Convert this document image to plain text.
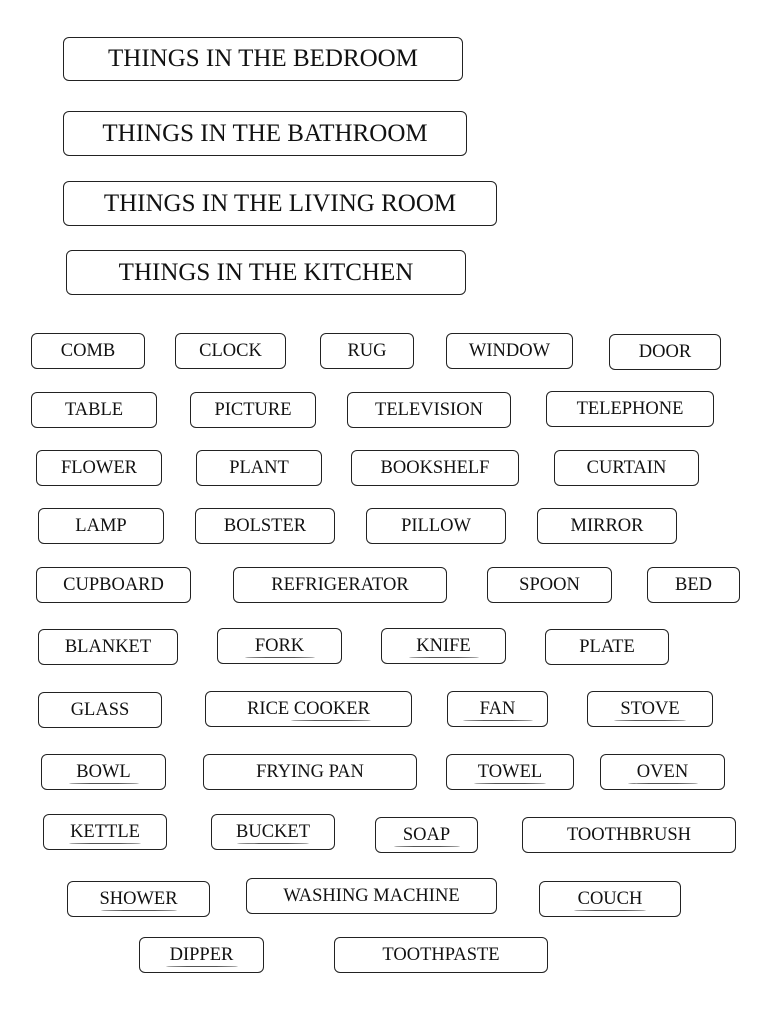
THINGS IN THE BEDROOM
THINGS IN THE BATHROOM
THINGS IN THE LIVING ROOM
THINGS IN THE KITCHEN
COMB	CLOCK	RUG	WINDOW	DOOR
TABLE	PICTURE	TELEVISION	TELEPHONE
FLOWER	PLANT	BOOKSHELF	CURTAIN
LAMP	BOLSTER	PILLOW	MIRROR
CUPBOARD	REFRIGERATOR	SPOON	BED
BLANKET	FORK	KNIFE	PLATE
GLASS	RICE COOKER	FAN	STOVE
BOWL	FRYING PAN	TOWEL	OVEN
KETTLE	BUCKET	SOAP	TOOTHBRUSH
SHOWER	WASHING MACHINE	COUCH
DIPPER	TOOTHPASTE
